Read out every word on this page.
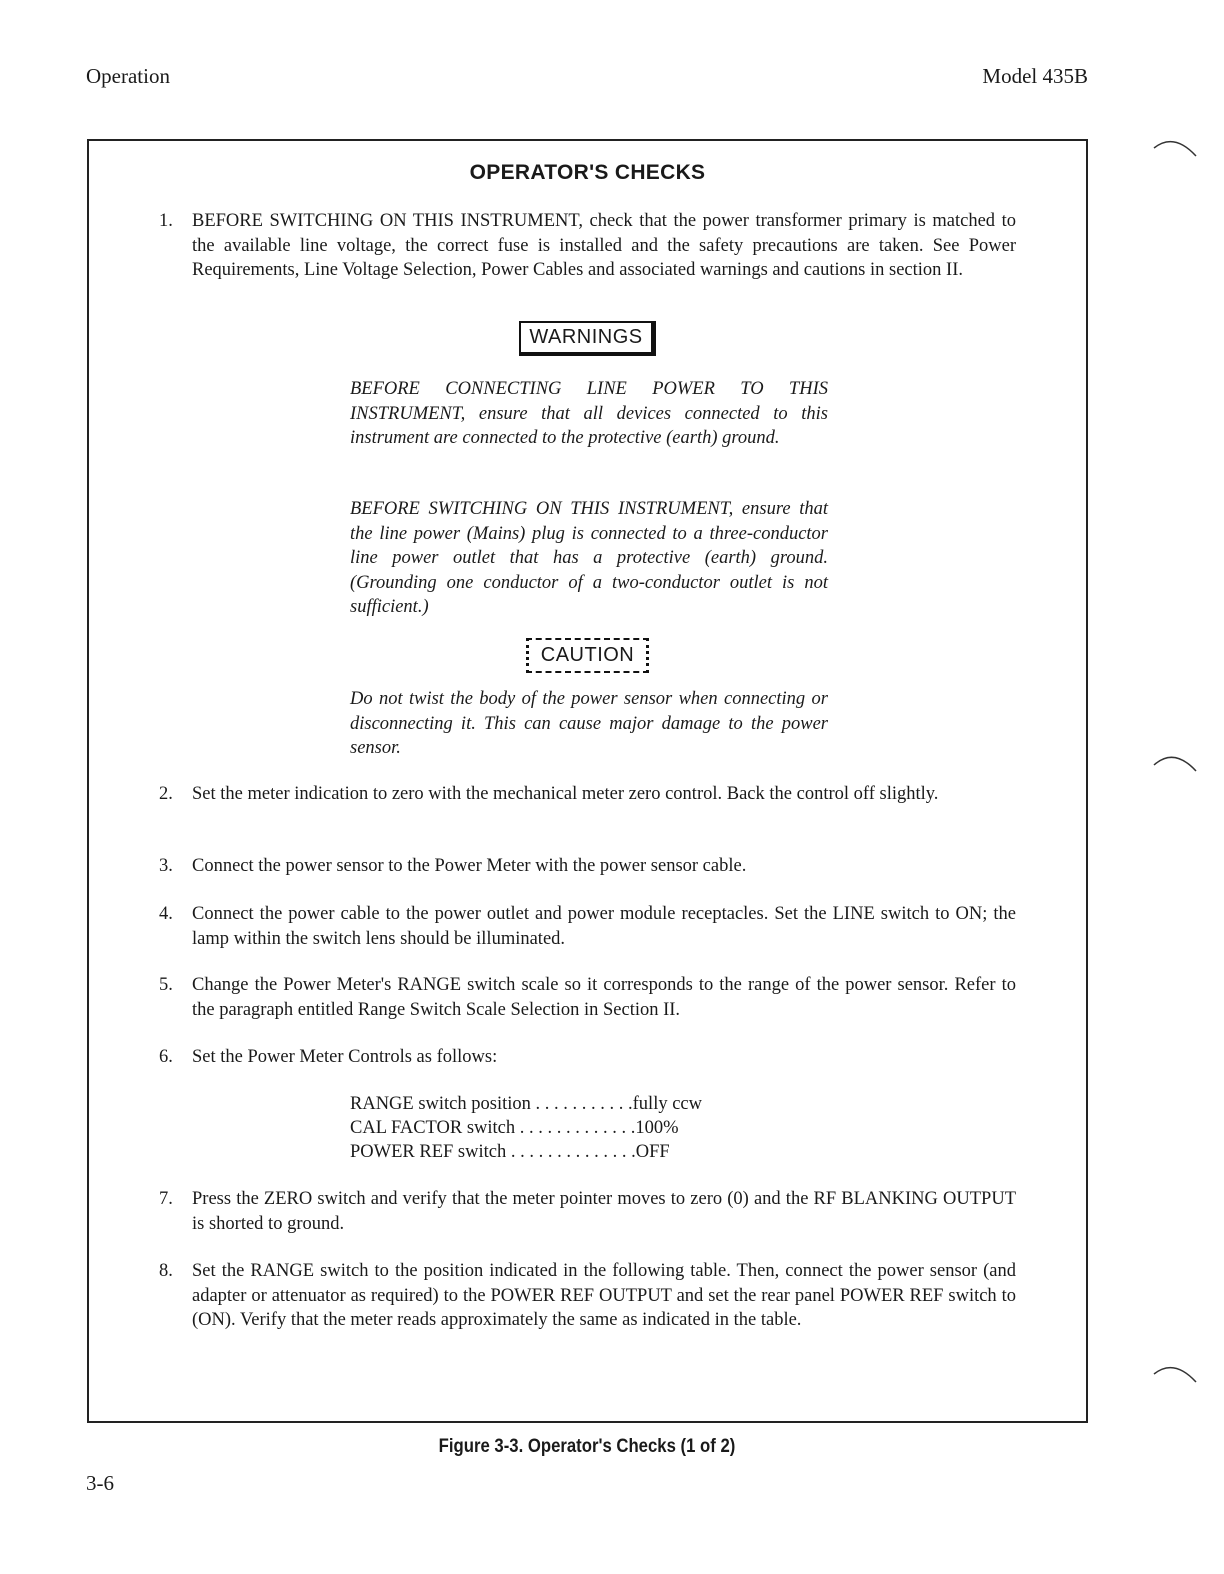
Operation	Model 435B
OPERATOR'S CHECKS
1. BEFORE SWITCHING ON THIS INSTRUMENT, check that the power transformer primary is matched to the available line voltage, the correct fuse is installed and the safety precautions are taken. See Power Requirements, Line Voltage Selection, Power Cables and associated warnings and cautions in section II.
WARNINGS
BEFORE CONNECTING LINE POWER TO THIS INSTRUMENT, ensure that all devices connected to this instrument are connected to the protective (earth) ground.
BEFORE SWITCHING ON THIS INSTRUMENT, ensure that the line power (Mains) plug is connected to a three-conductor line power outlet that has a protective (earth) ground. (Grounding one conductor of a two-conductor outlet is not sufficient.)
CAUTION
Do not twist the body of the power sensor when connecting or disconnecting it. This can cause major damage to the power sensor.
2. Set the meter indication to zero with the mechanical meter zero control. Back the control off slightly.
3. Connect the power sensor to the Power Meter with the power sensor cable.
4. Connect the power cable to the power outlet and power module receptacles. Set the LINE switch to ON; the lamp within the switch lens should be illuminated.
5. Change the Power Meter's RANGE switch scale so it corresponds to the range of the power sensor. Refer to the paragraph entitled Range Switch Scale Selection in Section II.
6. Set the Power Meter Controls as follows:
RANGE switch position . . . . . . . . . . .fully ccw
CAL FACTOR switch . . . . . . . . . . . . .100%
POWER REF switch . . . . . . . . . . . . . .OFF
7. Press the ZERO switch and verify that the meter pointer moves to zero (0) and the RF BLANKING OUTPUT is shorted to ground.
8. Set the RANGE switch to the position indicated in the following table. Then, connect the power sensor (and adapter or attenuator as required) to the POWER REF OUTPUT and set the rear panel POWER REF switch to (ON). Verify that the meter reads approximately the same as indicated in the table.
Figure 3-3. Operator's Checks (1 of 2)
3-6
